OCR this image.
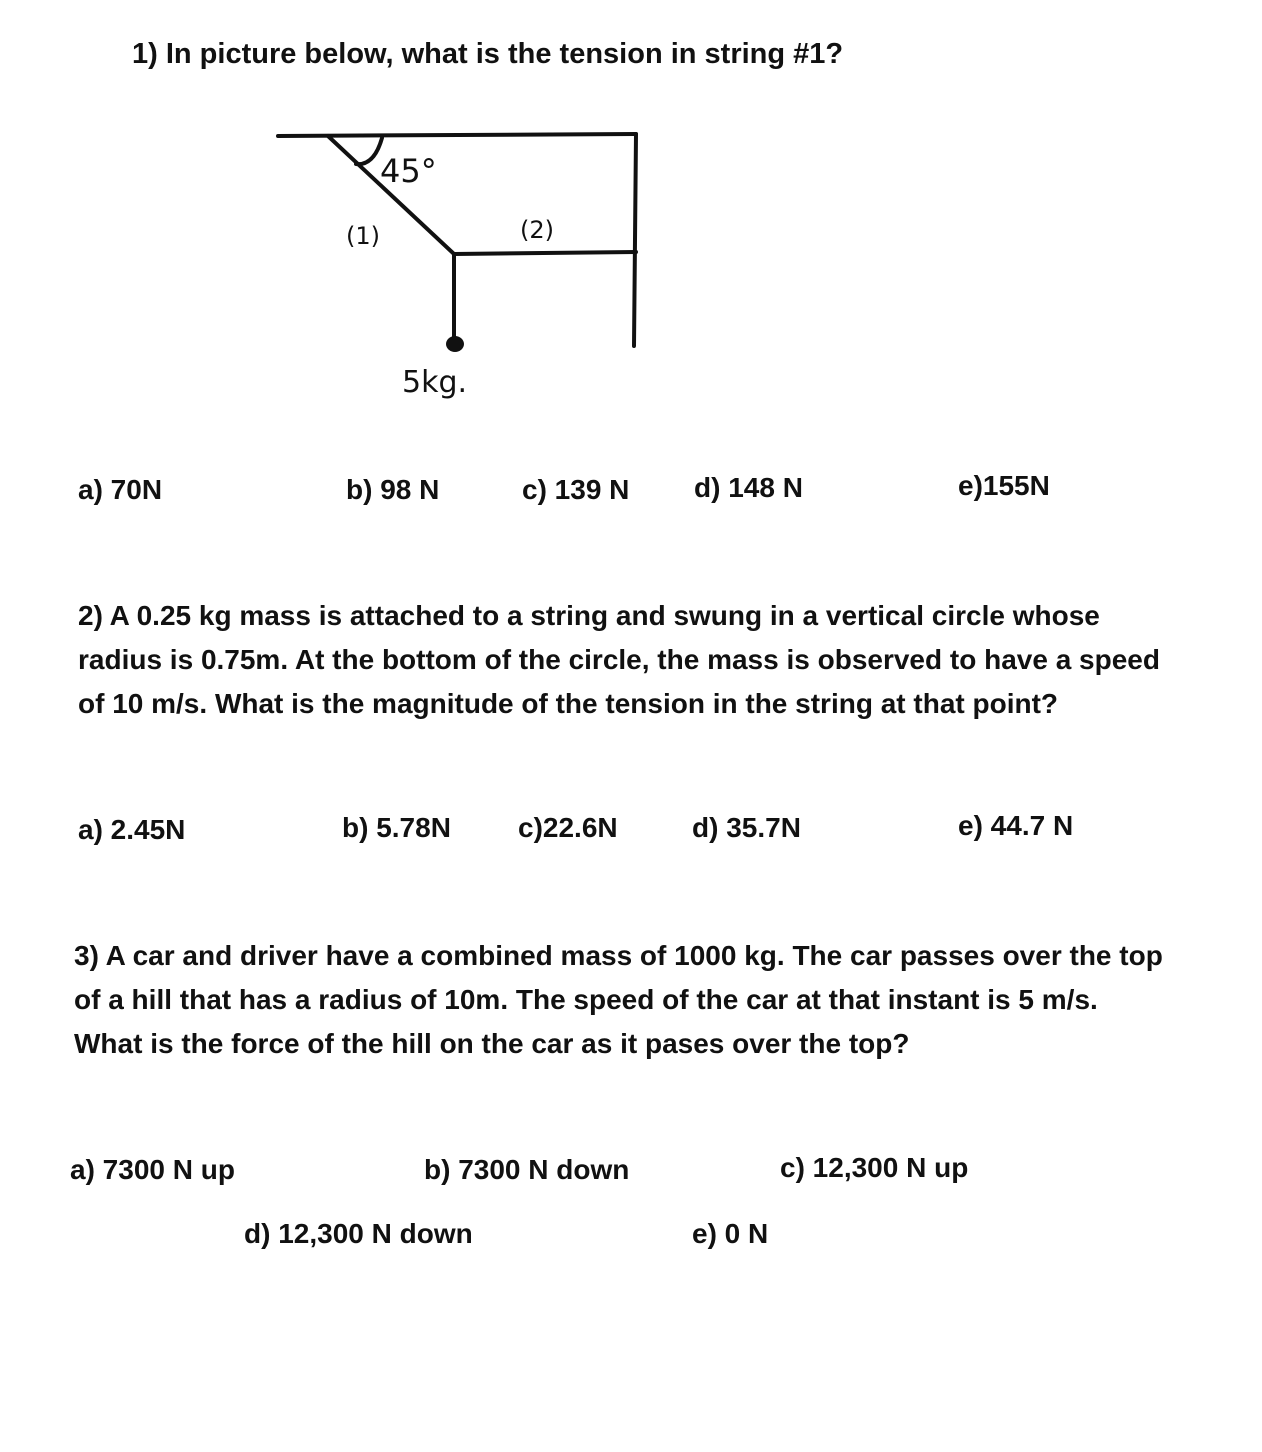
1) In picture below, what is the tension in string #1?
45°
(1)	(2)
5kg.
a) 70N	b) 98 N	c) 139 N d) 148 N	e)155N
2) A 0.25 kg mass is attached to a string and swung in a vertical circle whose
radius is 0.75m. At the bottom of the circle, the mass is observed to have a speed
of 10 m/s. What is the magnitude of the tension in the string at that point?
a) 2.45N	b) 5.78N c)22.6N	d) 35.7N	e) 44.7 N
3) A car and driver have a combined mass of 1000 kg. The car passes over the top
of a hill that has a radius of 10m. The speed of the car at that instant is 5 m/s.
What is the force of the hill on the car as it pases over the top?
a) 7300 N up	b) 7300 N down	c) 12,300 N up
d) 12,300 N down	e) 0 N
